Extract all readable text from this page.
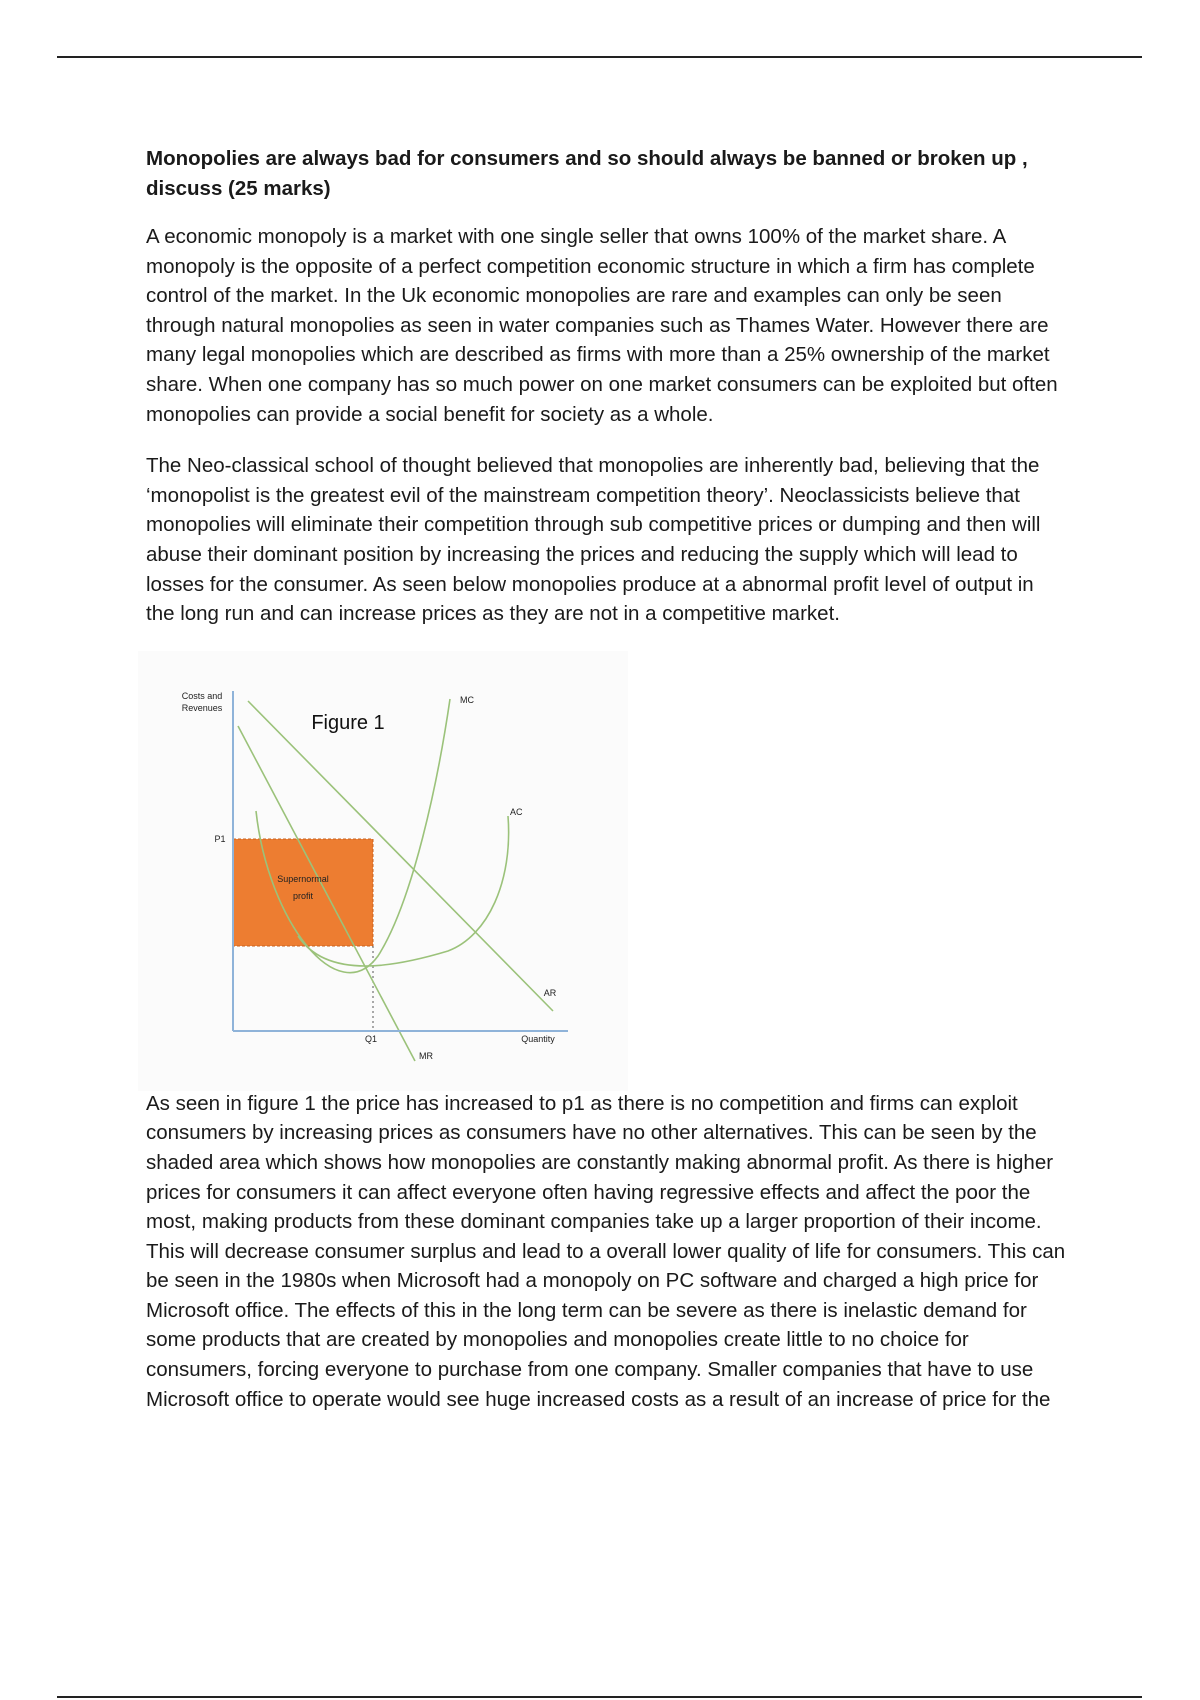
Monopolies are always bad for consumers and so should always be banned or broken up , discuss (25 marks)

A economic monopoly is a market with one single seller that owns 100% of the market share. A monopoly is the opposite of a perfect competition economic structure in which a firm has complete control of the market. In the Uk economic monopolies are rare and examples can only be seen through natural monopolies as seen in water companies such as Thames Water. However there are many legal monopolies which are described as firms with more than a 25% ownership of the market share. When one company has so much power on one market consumers can be exploited but often monopolies can provide a social benefit for society as a whole.

The Neo-classical school of thought believed that monopolies are inherently bad, believing that the ‘monopolist is the greatest evil of the mainstream competition theory’. Neoclassicists believe that monopolies will eliminate their competition through sub competitive prices or dumping and then will abuse their dominant position by increasing the prices and reducing the supply which will lead to losses for the consumer. As seen below monopolies produce at a abnormal profit level of output in the long run and can increase prices as they are not in a competitive market.

Costs and
Revenues
Figure 1
MC
AC
P1
Supernormal
profit
AR
Q1	Quantity
MR

As seen in figure 1 the price has increased to p1 as there is no competition and firms can exploit consumers by increasing prices as consumers have no other alternatives. This can be seen by the shaded area which shows how monopolies are constantly making abnormal profit. As there is higher prices for consumers it can affect everyone often having regressive effects and affect the poor the most, making products from these dominant companies take up a larger proportion of their income. This will decrease consumer surplus and lead to a overall lower quality of life for consumers. This can be seen in the 1980s when Microsoft had a monopoly on PC software and charged a high price for Microsoft office. The effects of this in the long term can be severe as there is inelastic demand for some products that are created by monopolies and monopolies create little to no choice for consumers, forcing everyone to purchase from one company. Smaller companies that have to use Microsoft office to operate would see huge increased costs as a result of an increase of price for the
